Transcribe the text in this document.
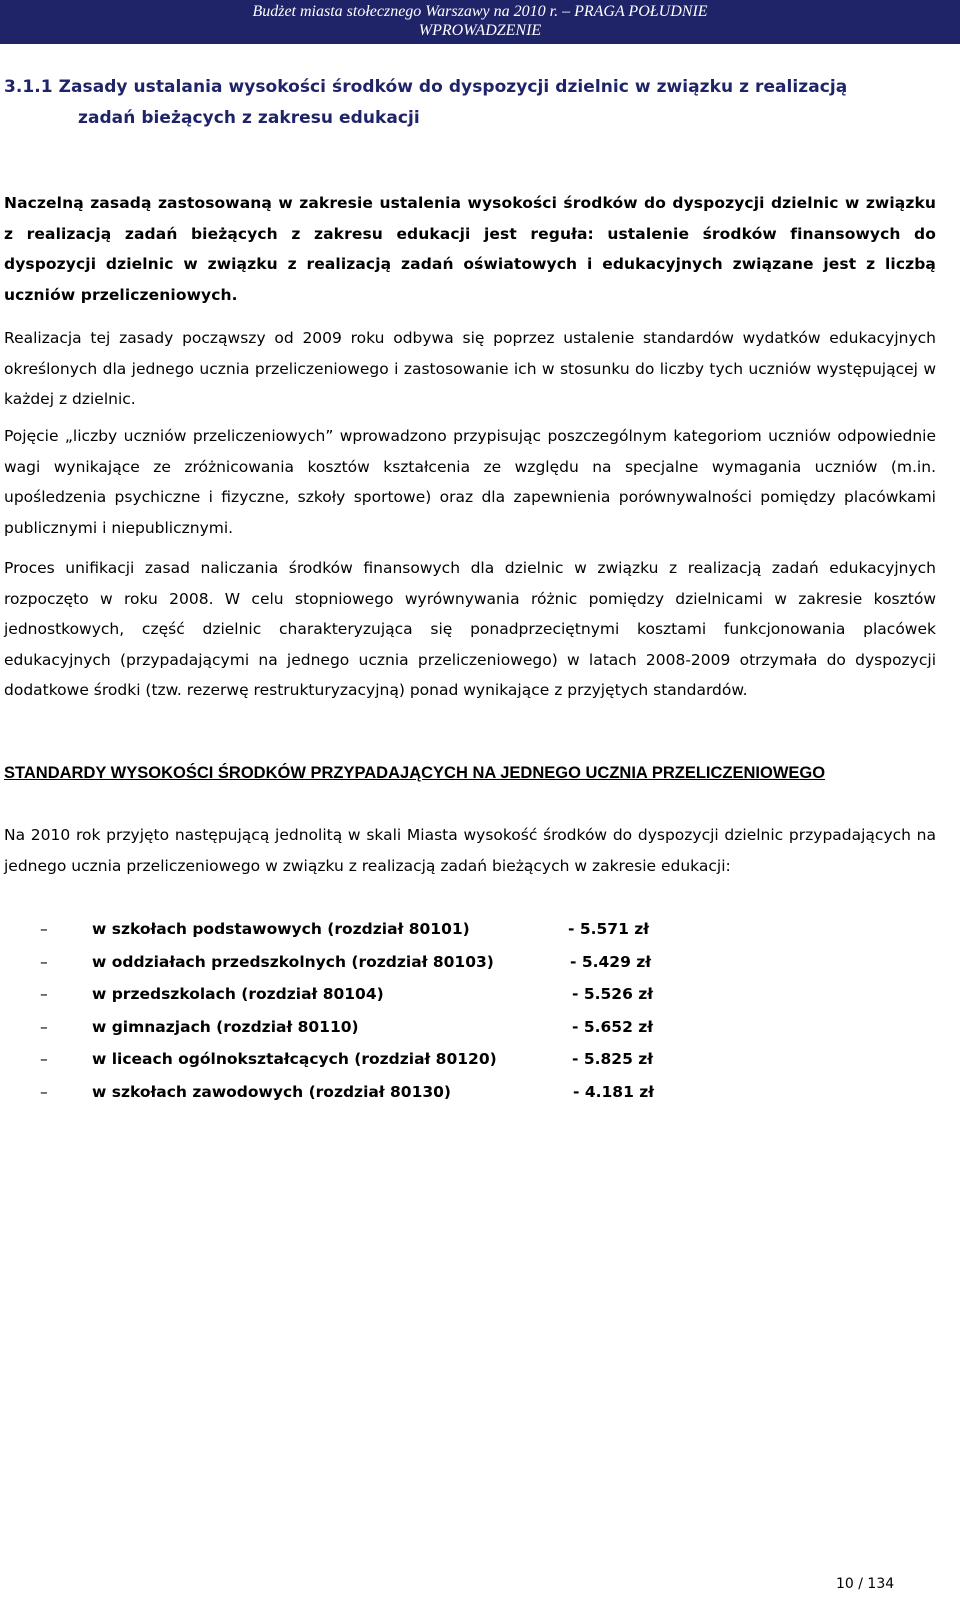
Budżet miasta stołecznego Warszawy na 2010 r. – PRAGA POŁUDNIE
WPROWADZENIE
3.1.1 Zasady ustalania wysokości środków do dyspozycji dzielnic w związku z realizacją
zadań bieżących z zakresu edukacji

Naczelną zasadą zastosowaną w zakresie ustalenia wysokości środków do dyspozycji dzielnic w związku z realizacją zadań bieżących z zakresu edukacji jest reguła: ustalenie środków finansowych do dyspozycji dzielnic w związku z realizacją zadań oświatowych i edukacyjnych związane jest z liczbą uczniów przeliczeniowych.

Realizacja tej zasady począwszy od 2009 roku odbywa się poprzez ustalenie standardów wydatków edukacyjnych określonych dla jednego ucznia przeliczeniowego i zastosowanie ich w stosunku do liczby tych uczniów występującej w każdej z dzielnic.

Pojęcie „liczby uczniów przeliczeniowych” wprowadzono przypisując poszczególnym kategoriom uczniów odpowiednie wagi wynikające ze zróżnicowania kosztów kształcenia ze względu na specjalne wymagania uczniów (m.in. upośledzenia psychiczne i fizyczne, szkoły sportowe) oraz dla zapewnienia porównywalności pomiędzy placówkami publicznymi i niepublicznymi.

Proces unifikacji zasad naliczania środków finansowych dla dzielnic w związku z realizacją zadań edukacyjnych rozpoczęto w roku 2008. W celu stopniowego wyrównywania różnic pomiędzy dzielnicami w zakresie kosztów jednostkowych, część dzielnic charakteryzująca się ponadprzeciętnymi kosztami funkcjonowania placówek edukacyjnych (przypadającymi na jednego ucznia przeliczeniowego) w latach 2008-2009 otrzymała do dyspozycji dodatkowe środki (tzw. rezerwę restrukturyzacyjną) ponad wynikające z przyjętych standardów.

STANDARDY WYSOKOŚCI ŚRODKÓW PRZYPADAJĄCYCH NA JEDNEGO UCZNIA PRZELICZENIOWEGO

Na 2010 rok przyjęto następującą jednolitą w skali Miasta wysokość środków do dyspozycji dzielnic przypadających na jednego ucznia przeliczeniowego w związku z realizacją zadań bieżących w zakresie edukacji:

–	w szkołach podstawowych (rozdział 80101)	- 5.571 zł
–	w oddziałach przedszkolnych (rozdział 80103)	- 5.429 zł
–	w przedszkolach (rozdział 80104)	- 5.526 zł
–	w gimnazjach (rozdział 80110)	- 5.652 zł
–	w liceach ogólnokształcących (rozdział 80120)	- 5.825 zł
–	w szkołach zawodowych (rozdział 80130)	- 4.181 zł
10 / 134
